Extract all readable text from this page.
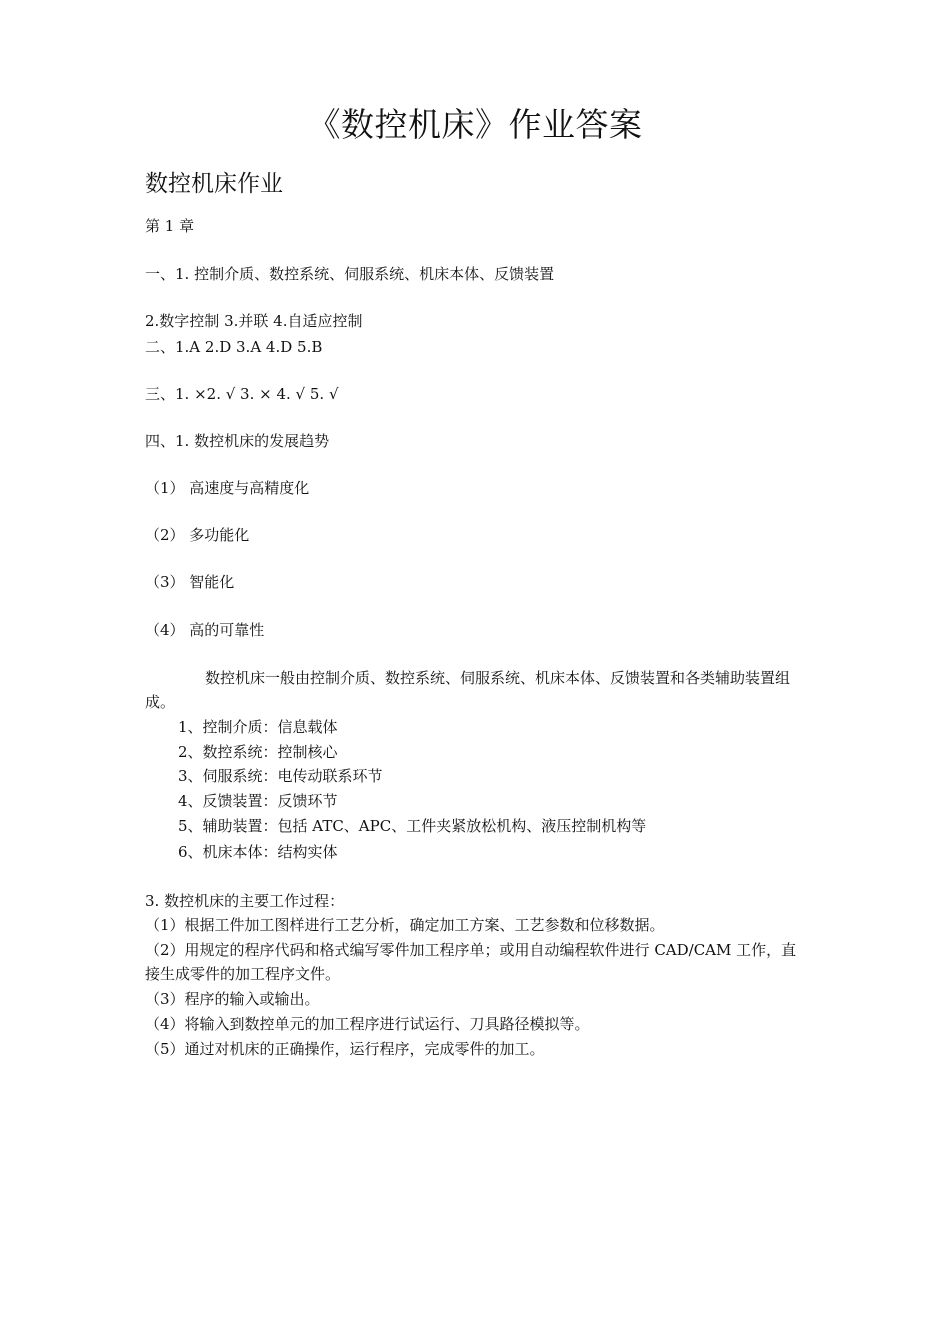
《数控机床》作业答案
数控机床作业
第 1 章
一、1. 控制介质、数控系统、伺服系统、机床本体、反馈装置
2.数字控制 3.并联 4.自适应控制
二、1.A 2.D 3.A 4.D 5.B
三、1. ×2. √ 3. × 4. √ 5. √
四、1. 数控机床的发展趋势
（1） 高速度与高精度化
（2） 多功能化
（3） 智能化
（4） 高的可靠性
数控机床一般由控制介质、数控系统、伺服系统、机床本体、反馈装置和各类辅助装置组成。
1、控制介质：信息载体
2、数控系统：控制核心
3、伺服系统：电传动联系环节
4、反馈装置：反馈环节
5、辅助装置：包括 ATC、APC、工件夹紧放松机构、液压控制机构等
6、机床本体：结构实体
3. 数控机床的主要工作过程：
（1）根据工件加工图样进行工艺分析，确定加工方案、工艺参数和位移数据。
（2）用规定的程序代码和格式编写零件加工程序单；或用自动编程软件进行 CAD/CAM 工作，直接生成零件的加工程序文件。
（3）程序的输入或输出。
（4）将输入到数控单元的加工程序进行试运行、刀具路径模拟等。
（5）通过对机床的正确操作，运行程序，完成零件的加工。
